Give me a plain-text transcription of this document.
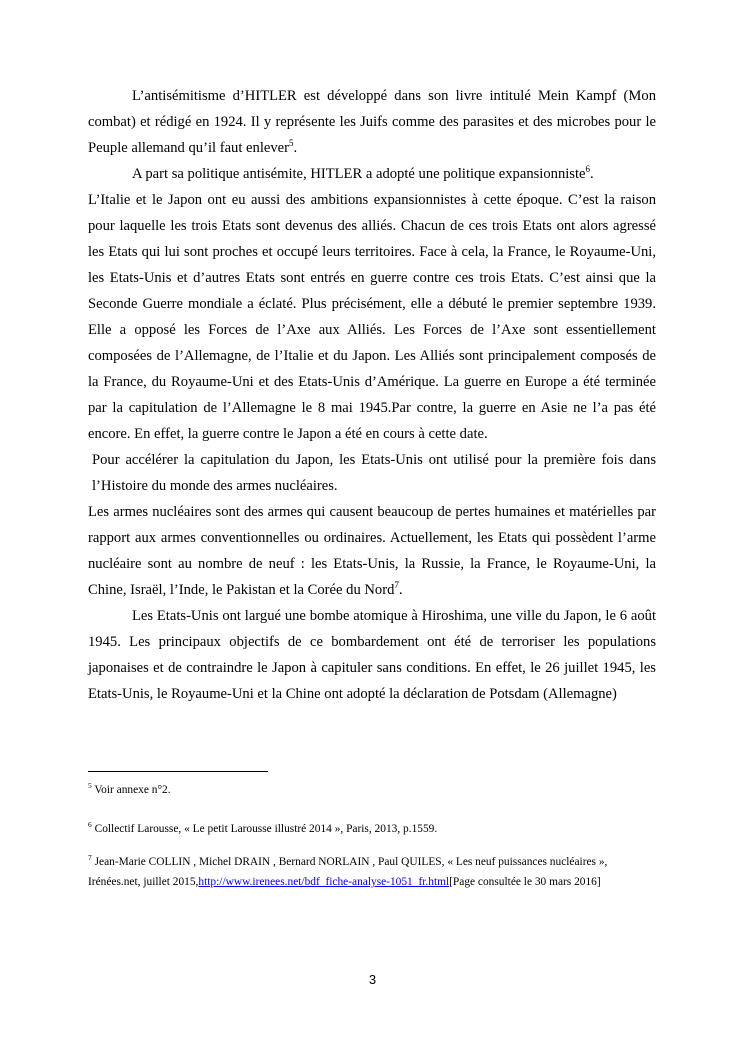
L’antisémitisme d’HITLER est développé dans son livre intitulé Mein Kampf (Mon combat) et rédigé en 1924. Il y représente les Juifs comme des parasites et des microbes pour le Peuple allemand qu’il faut enlever$^5$.

A part sa politique antisémite, HITLER a adopté une politique expansionniste$^6$.

L’Italie et le Japon ont eu aussi des ambitions expansionnistes à cette époque. C’est la raison pour laquelle les trois Etats sont devenus des alliés. Chacun de ces trois Etats ont alors agressé les Etats qui lui sont proches et occupé leurs territoires. Face à cela, la France, le Royaume-Uni, les Etats-Unis et d’autres Etats sont entrés en guerre contre ces trois Etats. C’est ainsi que la Seconde Guerre mondiale a éclaté. Plus précisément, elle a débuté le premier septembre 1939. Elle a opposé les Forces de l’Axe aux Alliés. Les Forces de l’Axe sont essentiellement composées de l’Allemagne, de l’Italie et du Japon. Les Alliés sont principalement composés de la France, du Royaume-Uni et des Etats-Unis d’Amérique. La guerre en Europe a été terminée par la capitulation de l’Allemagne le 8 mai 1945.Par contre, la guerre en Asie ne l’a pas été encore. En effet, la guerre contre le Japon a été en cours à cette date.

Pour accélérer la capitulation du Japon, les Etats-Unis ont utilisé pour la première fois dans l’Histoire du monde des armes nucléaires.

Les armes nucléaires sont des armes qui causent beaucoup de pertes humaines et matérielles par rapport aux armes conventionnelles ou ordinaires. Actuellement, les Etats qui possèdent l’arme nucléaire sont au nombre de neuf : les Etats-Unis, la Russie, la France, le Royaume-Uni, la Chine, Israël, l’Inde, le Pakistan et la Corée du Nord$^7$.

Les Etats-Unis ont largué une bombe atomique à Hiroshima, une ville du Japon, le 6 août 1945. Les principaux objectifs de ce bombardement ont été de terroriser les populations japonaises et de contraindre le Japon à capituler sans conditions. En effet, le 26 juillet 1945, les Etats-Unis, le Royaume-Uni et la Chine ont adopté la déclaration de Potsdam (Allemagne)

$^5$ Voir annexe n°2.

$^6$ Collectif Larousse, « Le petit Larousse illustré 2014 », Paris, 2013, p.1559.

$^7$ Jean-Marie COLLIN , Michel DRAIN , Bernard NORLAIN , Paul QUILES, « Les neuf puissances nucléaires », Irénées.net, juillet 2015,http://www.irenees.net/bdf_fiche-analyse-1051_fr.html[Page consultée le 30 mars 2016]

3
